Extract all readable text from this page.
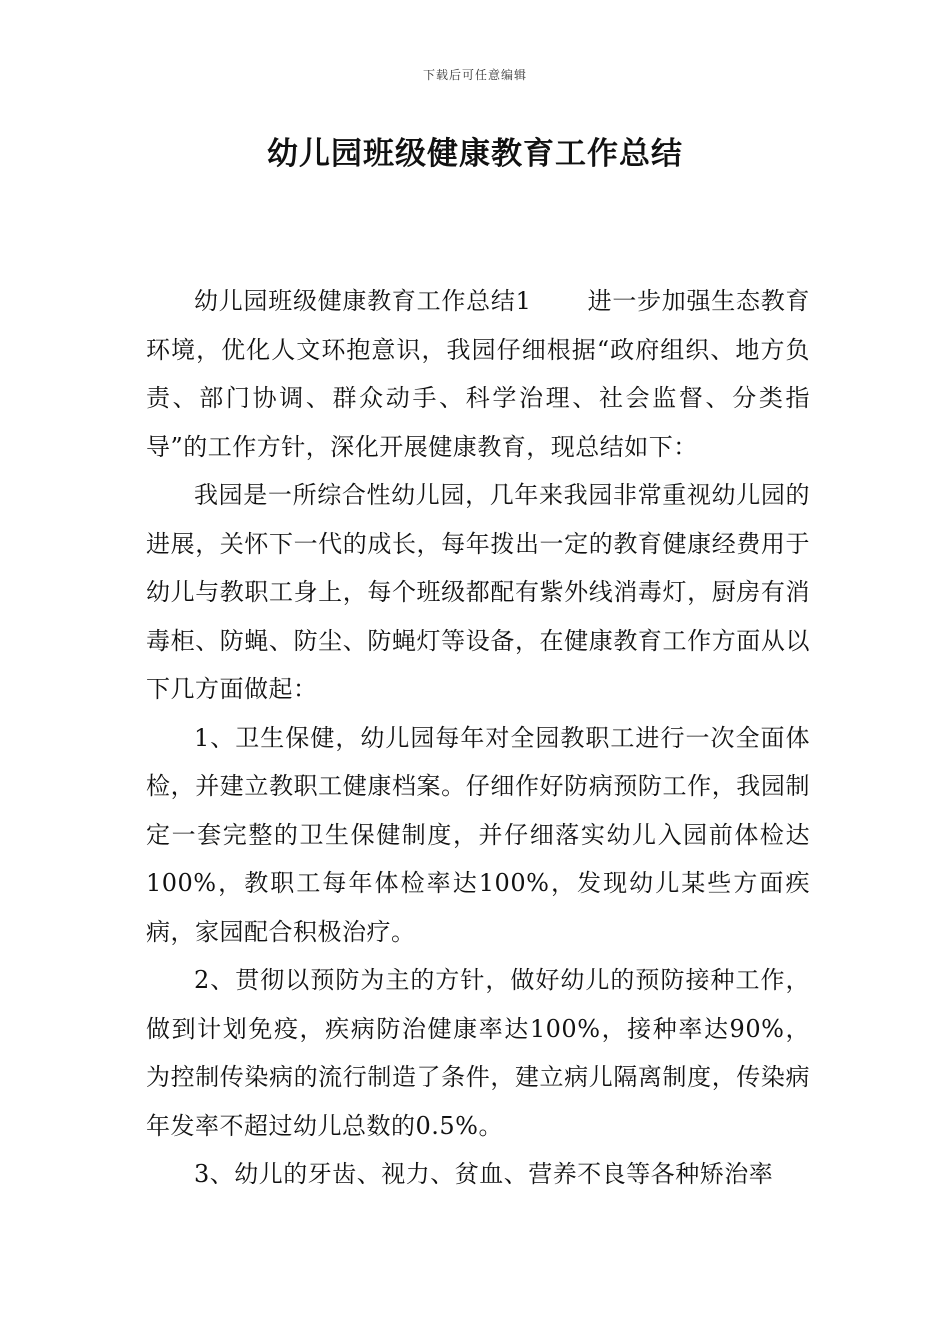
下载后可任意编辑
幼儿园班级健康教育工作总结

幼儿园班级健康教育工作总结1 进一步加强生态教育环境，优化人文环抱意识，我园仔细根据“政府组织、地方负责、部门协调、群众动手、科学治理、社会监督、分类指导”的工作方针，深化开展健康教育，现总结如下：

我园是一所综合性幼儿园，几年来我园非常重视幼儿园的进展，关怀下一代的成长，每年拨出一定的教育健康经费用于幼儿与教职工身上，每个班级都配有紫外线消毒灯，厨房有消毒柜、防蝇、防尘、防蝇灯等设备，在健康教育工作方面从以下几方面做起：

1、卫生保健，幼儿园每年对全园教职工进行一次全面体检，并建立教职工健康档案。仔细作好防病预防工作，我园制定一套完整的卫生保健制度，并仔细落实幼儿入园前体检达100%，教职工每年体检率达100%，发现幼儿某些方面疾病，家园配合积极治疗。

2、贯彻以预防为主的方针，做好幼儿的预防接种工作，做到计划免疫，疾病防治健康率达100%，接种率达90%，为控制传染病的流行制造了条件，建立病儿隔离制度，传染病年发率不超过幼儿总数的0.5%。

3、幼儿的牙齿、视力、贫血、营养不良等各种矫治率
